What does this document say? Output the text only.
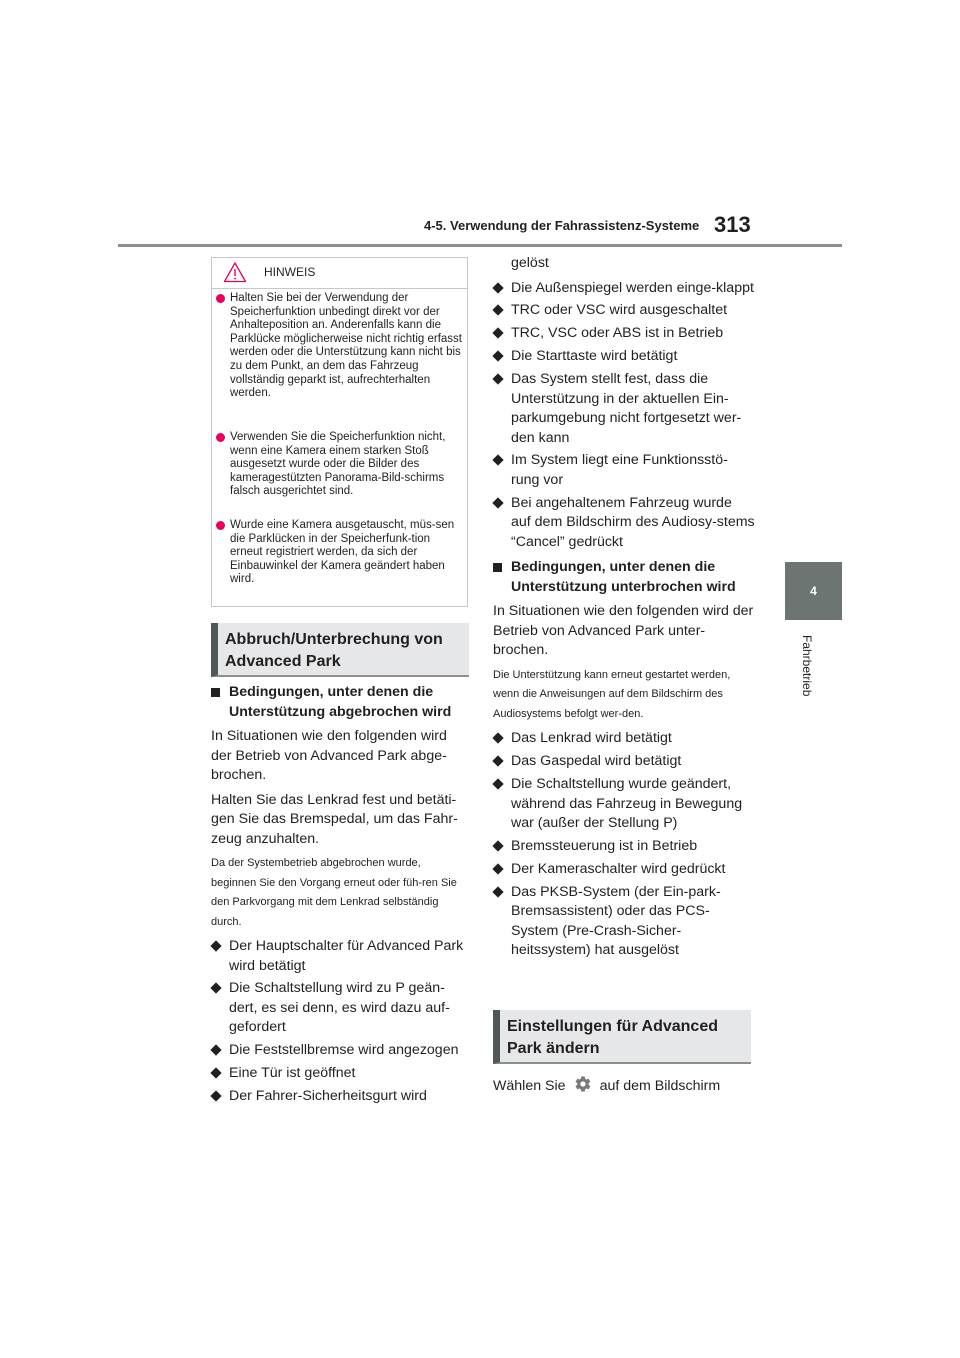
4-5. Verwendung der Fahrassistenz-Systeme 313
4
Fahrbetrieb
HINWEIS
Halten Sie bei der Verwendung der Speicherfunktion unbedingt direkt vor der Anhalteposition an. Anderenfalls kann die Parklücke möglicherweise nicht richtig erfasst werden oder die Unterstützung kann nicht bis zu dem Punkt, an dem das Fahrzeug vollständig geparkt ist, aufrechterhalten werden.
Verwenden Sie die Speicherfunktion nicht, wenn eine Kamera einem starken Stoß ausgesetzt wurde oder die Bilder des kameragestützten Panorama-Bild-schirms falsch ausgerichtet sind.
Wurde eine Kamera ausgetauscht, müs-sen die Parklücken in der Speicherfunk-tion erneut registriert werden, da sich der Einbauwinkel der Kamera geändert haben wird.
Abbruch/Unterbrechung von Advanced Park
Bedingungen, unter denen die Unterstützung abgebrochen wird
In Situationen wie den folgenden wird der Betrieb von Advanced Park abge-brochen.
Halten Sie das Lenkrad fest und betäti-gen Sie das Bremspedal, um das Fahr-zeug anzuhalten.
Da der Systembetrieb abgebrochen wurde, beginnen Sie den Vorgang erneut oder füh-ren Sie den Parkvorgang mit dem Lenkrad selbständig durch.
Der Hauptschalter für Advanced Park wird betätigt
Die Schaltstellung wird zu P geän-dert, es sei denn, es wird dazu auf-gefordert
Die Feststellbremse wird angezogen
Eine Tür ist geöffnet
Der Fahrer-Sicherheitsgurt wird
gelöst
Die Außenspiegel werden einge-klappt
TRC oder VSC wird ausgeschaltet
TRC, VSC oder ABS ist in Betrieb
Die Starttaste wird betätigt
Das System stellt fest, dass die Unterstützung in der aktuellen Ein-parkumgebung nicht fortgesetzt wer-den kann
Im System liegt eine Funktionsstö-rung vor
Bei angehaltenem Fahrzeug wurde auf dem Bildschirm des Audiosy-stems “Cancel” gedrückt
Bedingungen, unter denen die Unterstützung unterbrochen wird
In Situationen wie den folgenden wird der Betrieb von Advanced Park unter-brochen.
Die Unterstützung kann erneut gestartet werden, wenn die Anweisungen auf dem Bildschirm des Audiosystems befolgt wer-den.
Das Lenkrad wird betätigt
Das Gaspedal wird betätigt
Die Schaltstellung wurde geändert, während das Fahrzeug in Bewegung war (außer der Stellung P)
Bremssteuerung ist in Betrieb
Der Kameraschalter wird gedrückt
Das PKSB-System (der Ein-park-Bremsassistent) oder das PCS-System (Pre-Crash-Sicher-heitssystem) hat ausgelöst
Einstellungen für Advanced Park ändern
Wählen Sie auf dem Bildschirm
